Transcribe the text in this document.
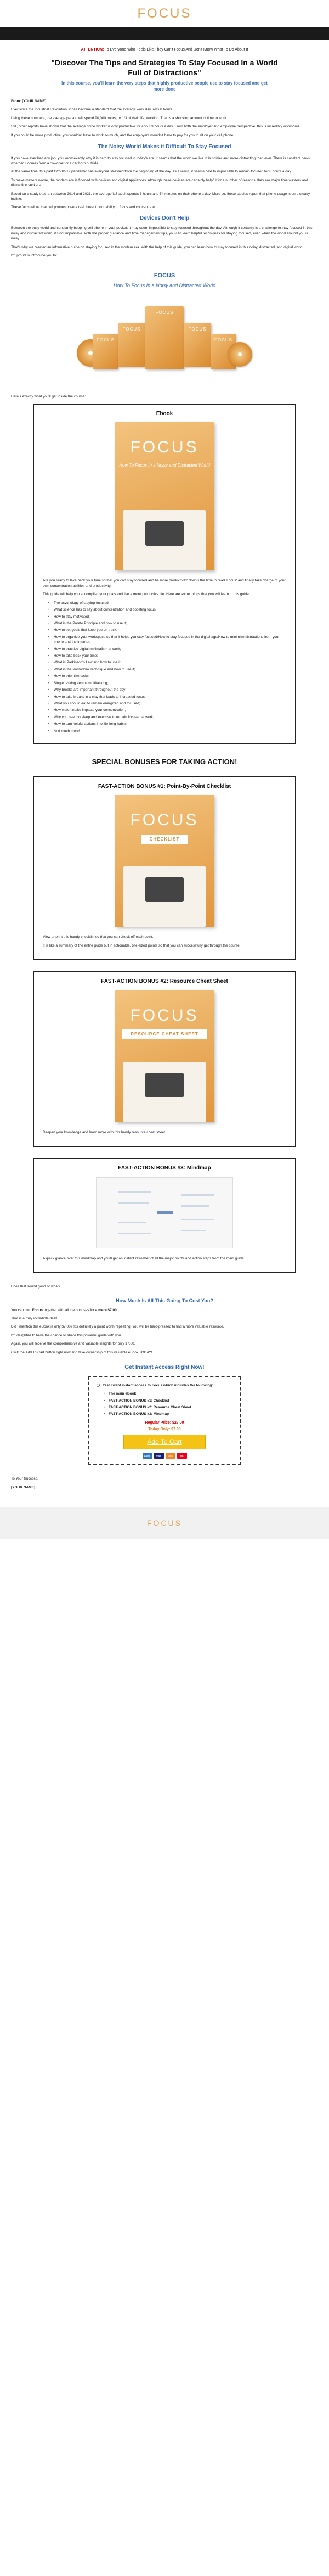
FOCUS

ATTENTION: To Everyone Who Feels Like They Can't Focus And Don't Know What To Do About It

"Discover The Tips and Strategies To Stay Focused In a World Full of Distractions"
In this course, you'll learn the very steps that highly productive people use to stay focused and get more done

From: [YOUR NAME]

Ever since the Industrial Revolution, it has become a standard that the average work day lasts 8 hours.

Using these numbers, the average person will spend 90,000 hours, or 1/3 of their life, working. That is a shocking amount of time to work.

Still, other reports have shown that the average office worker is only productive for about 3 hours a day. From both the employer and employee perspective, this is incredibly worrisome.

If you could be more productive, you wouldn't have to work so much, and the employers wouldn't have to pay for you to sit on your cell phone.

The Noisy World Makes it Difficult To Stay Focused

If you have ever had any job, you know exactly why it is hard to stay focused in today's era. It seems that the world we live in is noisier and more distracting than ever. There is constant news, whether it comes from a coworker or a car horn outside.

At the same time, this past COVID-19 pandemic has everyone stressed from the beginning of the day. As a result, it seems next to impossible to remain focused for 8 hours a day.

To make matters worse, the modern era is flooded with devices and digital appliances. Although these devices are certainly helpful for a number of reasons, they are major time wasters and distraction suckers.

Based on a study that ran between 2014 and 2021, the average US adult spends 3 hours and 54 minutes on their phone a day. More so, these studies report that phone usage is on a steady incline.

These facts tell us that cell phones pose a real threat to our ability to focus and concentrate.

Devices Don't Help

Between the busy world and constantly beeping cell phone in your pocket, it may seem impossible to stay focused throughout the day. Although it certainly is a challenge to stay focused in this noisy and distracted world, it's not impossible. With the proper guidance and time management tips, you can learn helpful techniques for staying focused, even when the world around you is noisy.

That's why we created an informative guide on staying focused in the modern era. With the help of this guide, you can learn how to stay focused in this noisy, distracted, and digital world.

I'm proud to introduce you to:

FOCUS
How To Focus In a Noisy and Distracted World
FOCUS
FOCUS
FOCUS
FOCUS
FOCUS

Here's exactly what you'll get inside the course:

Ebook
FOCUS
How To Focus In a Noisy and Distracted World

Are you ready to take back your time so that you can stay focused and be more productive? Now is the time to read 'Focus' and finally take charge of your own concentration abilities and productivity.

This guide will help you accomplish your goals and live a more productive life. Here are some things that you will learn in this guide:

• The psychology of staying focused;
• What science has to say about concentration and boosting focus;
• How to stay motivated;
• What is the Pareto Principle and how to use it;
• How to set goals that keep you on track;
• How to organize your workspace so that it helps you stay focused/How to stay focused in the digital age/How to minimize distractions from your phone and the internet;
• How to practice digital minimalism at work;
• How to take back your time;
• What is Parkinson's Law and how to use it;
• What is the Pomodoro Technique and how to use it;
• How to prioritize tasks;
• Single tasking versus multitasking;
• Why breaks are important throughout the day;
• How to take breaks in a way that leads to increased focus;
• What you should eat to remain energized and focused;
• How water intake impacts your concentration;
• Why you need to sleep and exercise to remain focused at work;
• How to turn helpful actions into life-long habits;
• And much more!
SPECIAL BONUSES FOR TAKING ACTION!
FAST-ACTION BONUS #1: Point-By-Point Checklist
FOCUS
CHECKLIST

View or print this handy checklist so that you can check off each point.

It is like a summary of the entire guide but in actionable, bite-sized points so that you can successfully get through the course.

FAST-ACTION BONUS #2: Resource Cheat Sheet
FOCUS
RESOURCE CHEAT SHEET

Deepen your knowledge and learn more with this handy resource cheat sheet.

FAST-ACTION BONUS #3: Mindmap

A quick glance over this mindmap and you'll get an instant refresher of all the major points and action steps from the main guide.

Does that sound good or what?

How Much Is All This Going To Cost You?

You can own Focus together with all the bonuses for a mere $7.00

That is a truly incredible deal!

Did I mention this eBook is only $7.00? It's definitely a point worth repeating. You will be hard-pressed to find a more valuable resource.

I'm delighted to have the chance to share this powerful guide with you.

Again, you will receive the comprehensive and valuable insights for only $7.00.

Click the Add To Cart button right now and take ownership of this valuable eBook TODAY!

Get Instant Access Right Now!

Yes! I want instant access to Focus which includes the following:

• The main eBook
• FAST-ACTION BONUS #1: Checklist
• FAST-ACTION BONUS #2: Resource Cheat Sheet
• FAST-ACTION BONUS #3: Mindmap
Regular Price: $27.00
Today Only: $7.00
Add To Cart
AMEX	VISA	DISC	MC

To Your Success,

[YOUR NAME]

FOCUS
